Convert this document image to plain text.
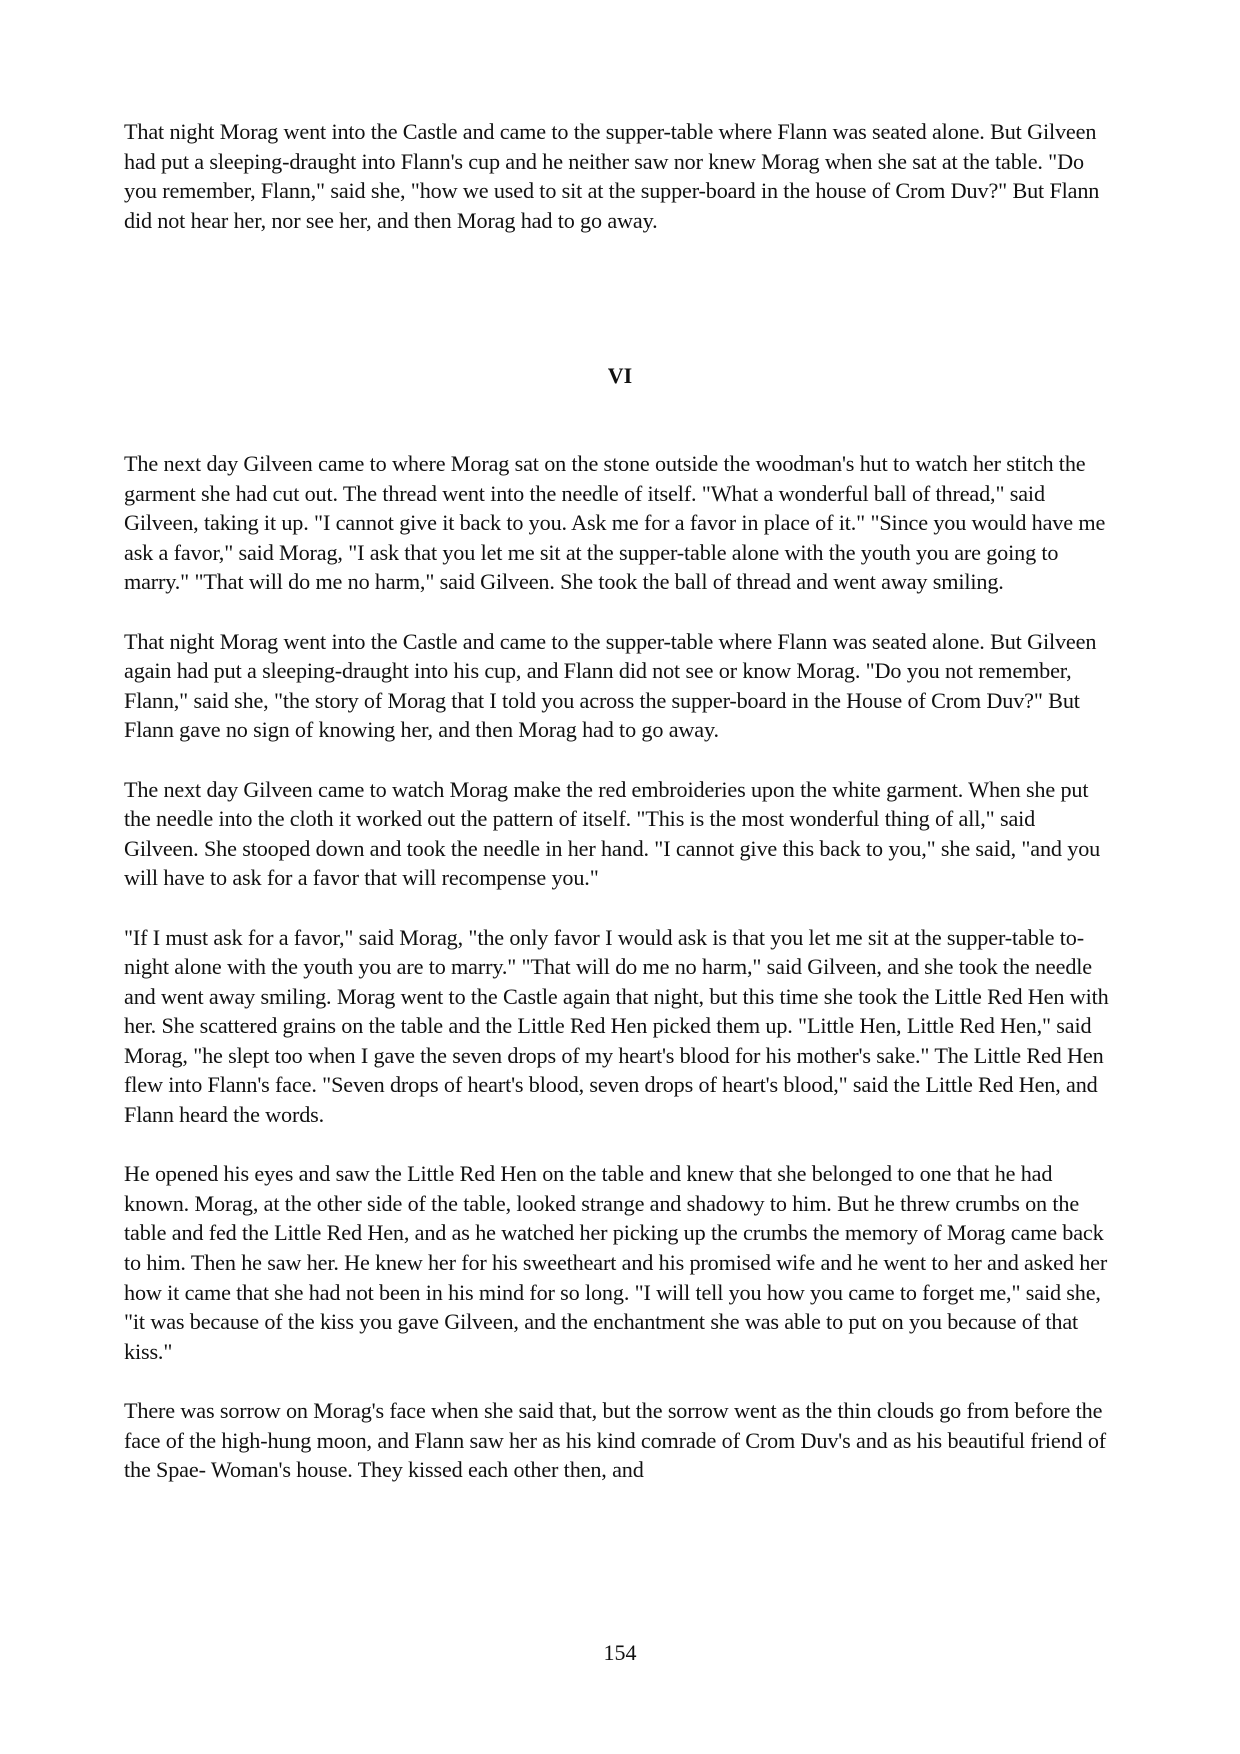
That night Morag went into the Castle and came to the supper-table where Flann was seated alone. But Gilveen had put a sleeping-draught into Flann's cup and he neither saw nor knew Morag when she sat at the table. "Do you remember, Flann," said she, "how we used to sit at the supper-board in the house of Crom Duv?" But Flann did not hear her, nor see her, and then Morag had to go away.

VI

The next day Gilveen came to where Morag sat on the stone outside the woodman's hut to watch her stitch the garment she had cut out. The thread went into the needle of itself. "What a wonderful ball of thread," said Gilveen, taking it up. "I cannot give it back to you. Ask me for a favor in place of it." "Since you would have me ask a favor," said Morag, "I ask that you let me sit at the supper-table alone with the youth you are going to marry." "That will do me no harm," said Gilveen. She took the ball of thread and went away smiling.

That night Morag went into the Castle and came to the supper-table where Flann was seated alone. But Gilveen again had put a sleeping-draught into his cup, and Flann did not see or know Morag. "Do you not remember, Flann," said she, "the story of Morag that I told you across the supper-board in the House of Crom Duv?" But Flann gave no sign of knowing her, and then Morag had to go away.

The next day Gilveen came to watch Morag make the red embroideries upon the white garment. When she put the needle into the cloth it worked out the pattern of itself. "This is the most wonderful thing of all," said Gilveen. She stooped down and took the needle in her hand. "I cannot give this back to you," she said, "and you will have to ask for a favor that will recompense you."

"If I must ask for a favor," said Morag, "the only favor I would ask is that you let me sit at the supper-table to-night alone with the youth you are to marry." "That will do me no harm," said Gilveen, and she took the needle and went away smiling. Morag went to the Castle again that night, but this time she took the Little Red Hen with her. She scattered grains on the table and the Little Red Hen picked them up. "Little Hen, Little Red Hen," said Morag, "he slept too when I gave the seven drops of my heart's blood for his mother's sake." The Little Red Hen flew into Flann's face. "Seven drops of heart's blood, seven drops of heart's blood," said the Little Red Hen, and Flann heard the words.

He opened his eyes and saw the Little Red Hen on the table and knew that she belonged to one that he had known. Morag, at the other side of the table, looked strange and shadowy to him. But he threw crumbs on the table and fed the Little Red Hen, and as he watched her picking up the crumbs the memory of Morag came back to him. Then he saw her. He knew her for his sweetheart and his promised wife and he went to her and asked her how it came that she had not been in his mind for so long. "I will tell you how you came to forget me," said she, "it was because of the kiss you gave Gilveen, and the enchantment she was able to put on you because of that kiss."

There was sorrow on Morag's face when she said that, but the sorrow went as the thin clouds go from before the face of the high-hung moon, and Flann saw her as his kind comrade of Crom Duv's and as his beautiful friend of the Spae- Woman's house. They kissed each other then, and

154
